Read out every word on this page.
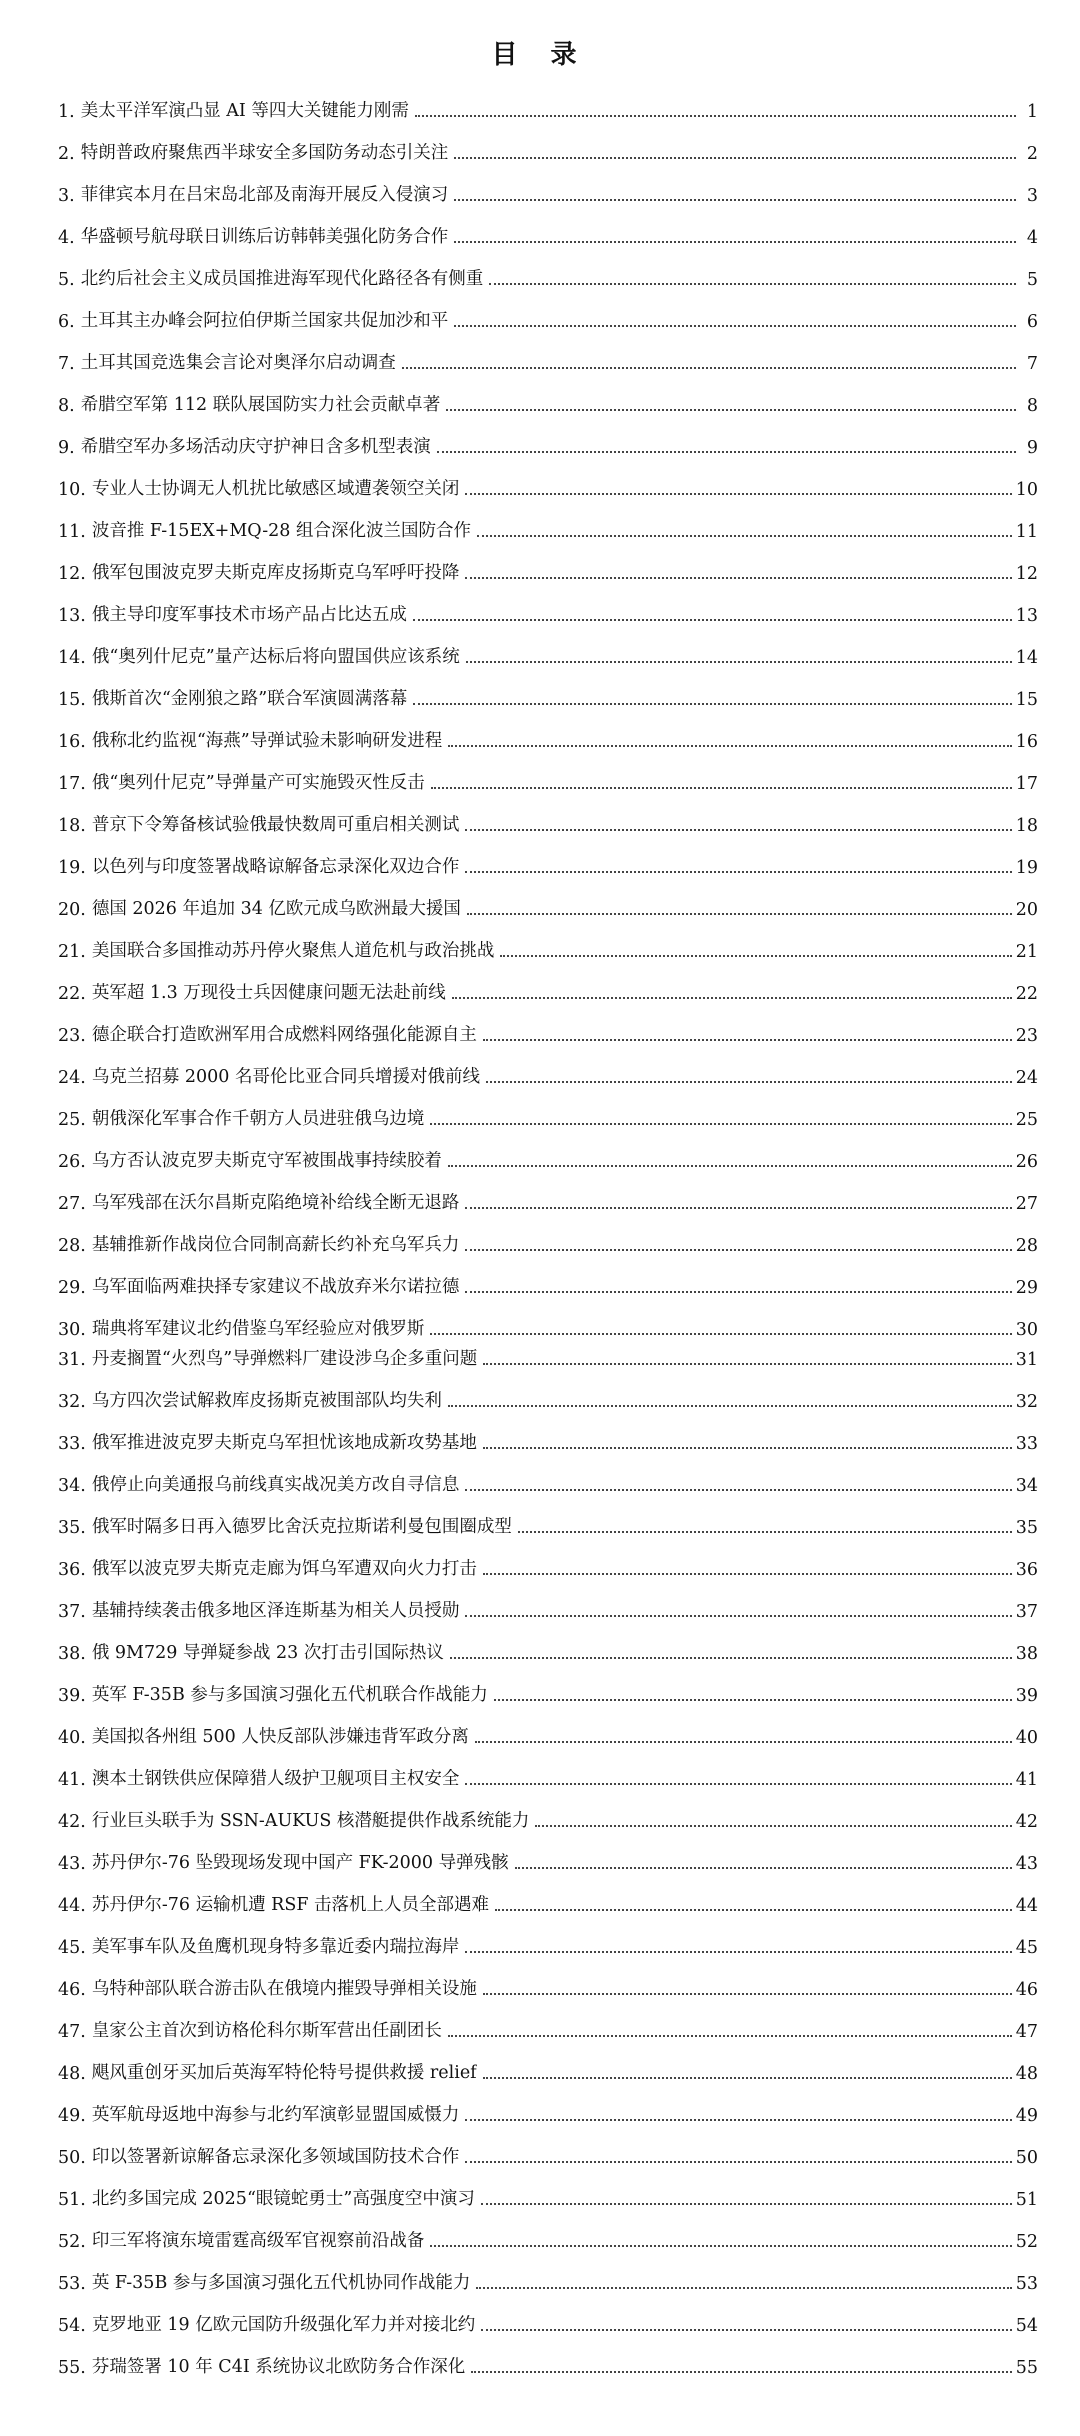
目 录
1. 美太平洋军演凸显 AI 等四大关键能力刚需	1
2. 特朗普政府聚焦西半球安全多国防务动态引关注	2
3. 菲律宾本月在吕宋岛北部及南海开展反入侵演习	3
4. 华盛顿号航母联日训练后访韩韩美强化防务合作	4
5. 北约后社会主义成员国推进海军现代化路径各有侧重	5
6. 土耳其主办峰会阿拉伯伊斯兰国家共促加沙和平	6
7. 土耳其国竞选集会言论对奥泽尔启动调查	7
8. 希腊空军第 112 联队展国防实力社会贡献卓著	8
9. 希腊空军办多场活动庆守护神日含多机型表演	9
10. 专业人士协调无人机扰比敏感区域遭袭领空关闭	10
11. 波音推 F-15EX+MQ-28 组合深化波兰国防合作	11
12. 俄军包围波克罗夫斯克库皮扬斯克乌军呼吁投降	12
13. 俄主导印度军事技术市场产品占比达五成	13
14. 俄“奥列什尼克”量产达标后将向盟国供应该系统	14
15. 俄斯首次“金刚狼之路”联合军演圆满落幕	15
16. 俄称北约监视“海燕”导弹试验未影响研发进程	16
17. 俄“奥列什尼克”导弹量产可实施毁灭性反击	17
18. 普京下令筹备核试验俄最快数周可重启相关测试	18
19. 以色列与印度签署战略谅解备忘录深化双边合作	19
20. 德国 2026 年追加 34 亿欧元成乌欧洲最大援国	20
21. 美国联合多国推动苏丹停火聚焦人道危机与政治挑战	21
22. 英军超 1.3 万现役士兵因健康问题无法赴前线	22
23. 德企联合打造欧洲军用合成燃料网络强化能源自主	23
24. 乌克兰招募 2000 名哥伦比亚合同兵增援对俄前线	24
25. 朝俄深化军事合作千朝方人员进驻俄乌边境	25
26. 乌方否认波克罗夫斯克守军被围战事持续胶着	26
27. 乌军残部在沃尔昌斯克陷绝境补给线全断无退路	27
28. 基辅推新作战岗位合同制高薪长约补充乌军兵力	28
29. 乌军面临两难抉择专家建议不战放弃米尔诺拉德	29
30. 瑞典将军建议北约借鉴乌军经验应对俄罗斯	30
31. 丹麦搁置“火烈鸟”导弹燃料厂建设涉乌企多重问题	31
32. 乌方四次尝试解救库皮扬斯克被围部队均失利	32
33. 俄军推进波克罗夫斯克乌军担忧该地成新攻势基地	33
34. 俄停止向美通报乌前线真实战况美方改自寻信息	34
35. 俄军时隔多日再入德罗比舍沃克拉斯诺利曼包围圈成型	35
36. 俄军以波克罗夫斯克走廊为饵乌军遭双向火力打击	36
37. 基辅持续袭击俄多地区泽连斯基为相关人员授勋	37
38. 俄 9M729 导弹疑参战 23 次打击引国际热议	38
39. 英军 F-35B 参与多国演习强化五代机联合作战能力	39
40. 美国拟各州组 500 人快反部队涉嫌违背军政分离	40
41. 澳本土钢铁供应保障猎人级护卫舰项目主权安全	41
42. 行业巨头联手为 SSN-AUKUS 核潜艇提供作战系统能力	42
43. 苏丹伊尔-76 坠毁现场发现中国产 FK-2000 导弹残骸	43
44. 苏丹伊尔-76 运输机遭 RSF 击落机上人员全部遇难	44
45. 美军事车队及鱼鹰机现身特多靠近委内瑞拉海岸	45
46. 乌特种部队联合游击队在俄境内摧毁导弹相关设施	46
47. 皇家公主首次到访格伦科尔斯军营出任副团长	47
48. 飓风重创牙买加后英海军特伦特号提供救援 relief	48
49. 英军航母返地中海参与北约军演彰显盟国威慑力	49
50. 印以签署新谅解备忘录深化多领域国防技术合作	50
51. 北约多国完成 2025“眼镜蛇勇士”高强度空中演习	51
52. 印三军将演东境雷霆高级军官视察前沿战备	52
53. 英 F-35B 参与多国演习强化五代机协同作战能力	53
54. 克罗地亚 19 亿欧元国防升级强化军力并对接北约	54
55. 芬瑞签署 10 年 C4I 系统协议北欧防务合作深化	55
